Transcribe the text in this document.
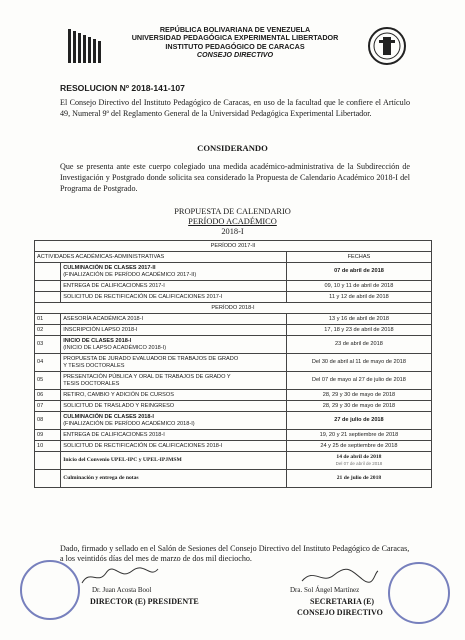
REPÚBLICA BOLIVARIANA DE VENEZUELA
UNIVERSIDAD PEDAGÓGICA EXPERIMENTAL LIBERTADOR
INSTITUTO PEDAGÓGICO DE CARACAS
CONSEJO DIRECTIVO
RESOLUCION Nº 2018-141-107
El Consejo Directivo del Instituto Pedagógico de Caracas, en uso de la facultad que le confiere el Artículo 49, Numeral 9º del Reglamento General de la Universidad Pedagógica Experimental Libertador.
CONSIDERANDO
Que se presenta ante este cuerpo colegiado una medida académico-administrativa de la Subdirección de Investigación y Postgrado donde solicita sea considerado la Propuesta de Calendario Académico 2018-I del Programa de Postgrado.
PROPUESTA DE CALENDARIO
PERÍODO ACADÉMICO
2018-I
PERÍODO 2017-II		
ACTIVIDADES ACADÉMICAS-ADMINISTRATIVAS		FECHAS

	CULMINACIÓN DE CLASES 2017-II
(FINALIZACIÓN DE PERÍODO ACADÉMICO 2017-II)	07 de abril de 2018
	ENTREGA DE CALIFICACIONES 2017-I	09, 10 y 11 de abril de 2018
	SOLICITUD DE RECTIFICACIÓN DE CALIFICACIONES 2017-I	11 y 12 de abril de 2018
PERÍODO 2018-I		
01	ASESORÍA ACADÉMICA 2018-I	13 y 16 de abril de 2018
02	INSCRIPCIÓN LAPSO 2018-I	17, 18 y 23 de abril de 2018
03	INICIO DE CLASES 2018-I
(INICIO DE LAPSO ACADÉMICO 2018-I)	23 de abril de 2018
04	PROPUESTA DE JURADO EVALUADOR DE TRABAJOS DE GRADO
Y TESIS DOCTORALES	Del 30 de abril al 11 de mayo de 2018
05	PRESENTACIÓN PÚBLICA Y ORAL DE TRABAJOS DE GRADO Y
TESIS DOCTORALES	Del 07 de mayo al 27 de julio de 2018
06	RETIRO, CAMBIO Y ADICIÓN DE CURSOS	28, 29 y 30 de mayo de 2018
07	SOLICITUD DE TRASLADO Y REINGRESO	28, 29 y 30 de mayo de 2018
08	CULMINACIÓN DE CLASES 2018-I
(FINALIZACIÓN DE PERÍODO ACADÉMICO 2018-I)	27 de julio de 2018
09	ENTREGA DE CALIFICACIONES 2018-I	19, 20 y 21 septiembre de 2018
10	SOLICITUD DE RECTIFICACIÓN DE CALIFICACIONES 2018-I	24 y 25 de septiembre de 2018
	Inicio del Convenio UPEL-IPC y UPEL-IPJMSM	14 de abril de 2018
Del 07 de abril de 2018

	Culminación y entrega de notas	21 de julio de 2018
Dado, firmado y sellado en el Salón de Sesiones del Consejo Directivo del Instituto Pedagógico de Caracas, a los veintidós días del mes de marzo de dos mil dieciocho.
Dr. Juan Acosta Bool
DIRECTOR (E) PRESIDENTE
Dra. Sol Ángel Martínez
SECRETARIA (E)
CONSEJO DIRECTIVO
